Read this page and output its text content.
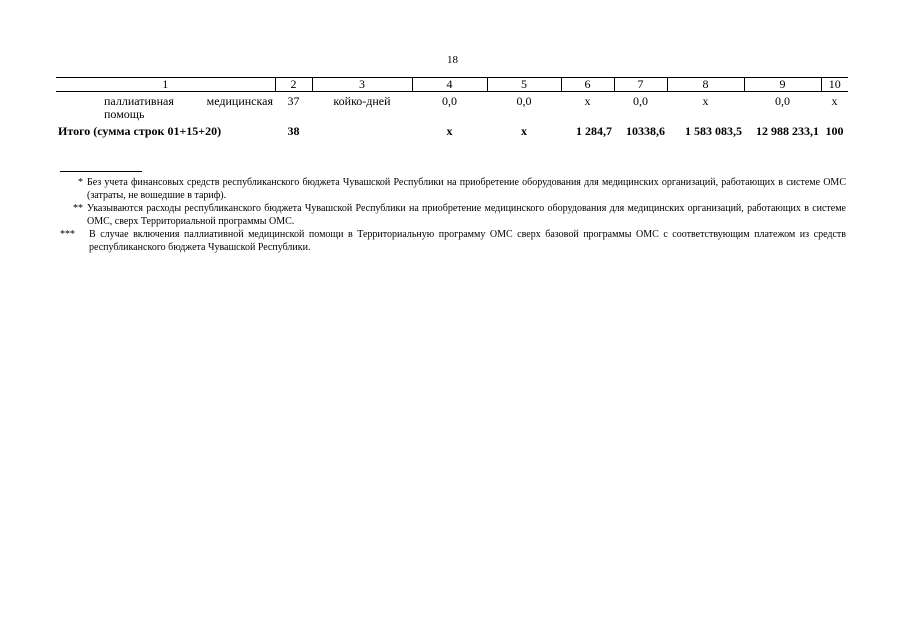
18
1	2	3	4	5	6	7	8	9	10
паллиативная медицинская помощь	37	койко-дней	0,0	0,0	х	0,0	х	0,0	х
Итого (сумма строк 01+15+20)	38		х	х	1 284,7	10338,6	1 583 083,5	12 988 233,1	100
* Без учета финансовых средств республиканского бюджета Чувашской Республики на приобретение оборудования для медицинских организаций, работающих в системе ОМС (затраты, не вошедшие в тариф).
** Указываются расходы республиканского бюджета Чувашской Республики на приобретение медицинского оборудования для медицинских организаций, работающих в системе ОМС, сверх Территориальной программы ОМС.
***	В случае включения паллиативной медицинской помощи в Территориальную программу ОМС сверх базовой программы ОМС с соответствующим платежом из средств республиканского бюджета Чувашской Республики.
